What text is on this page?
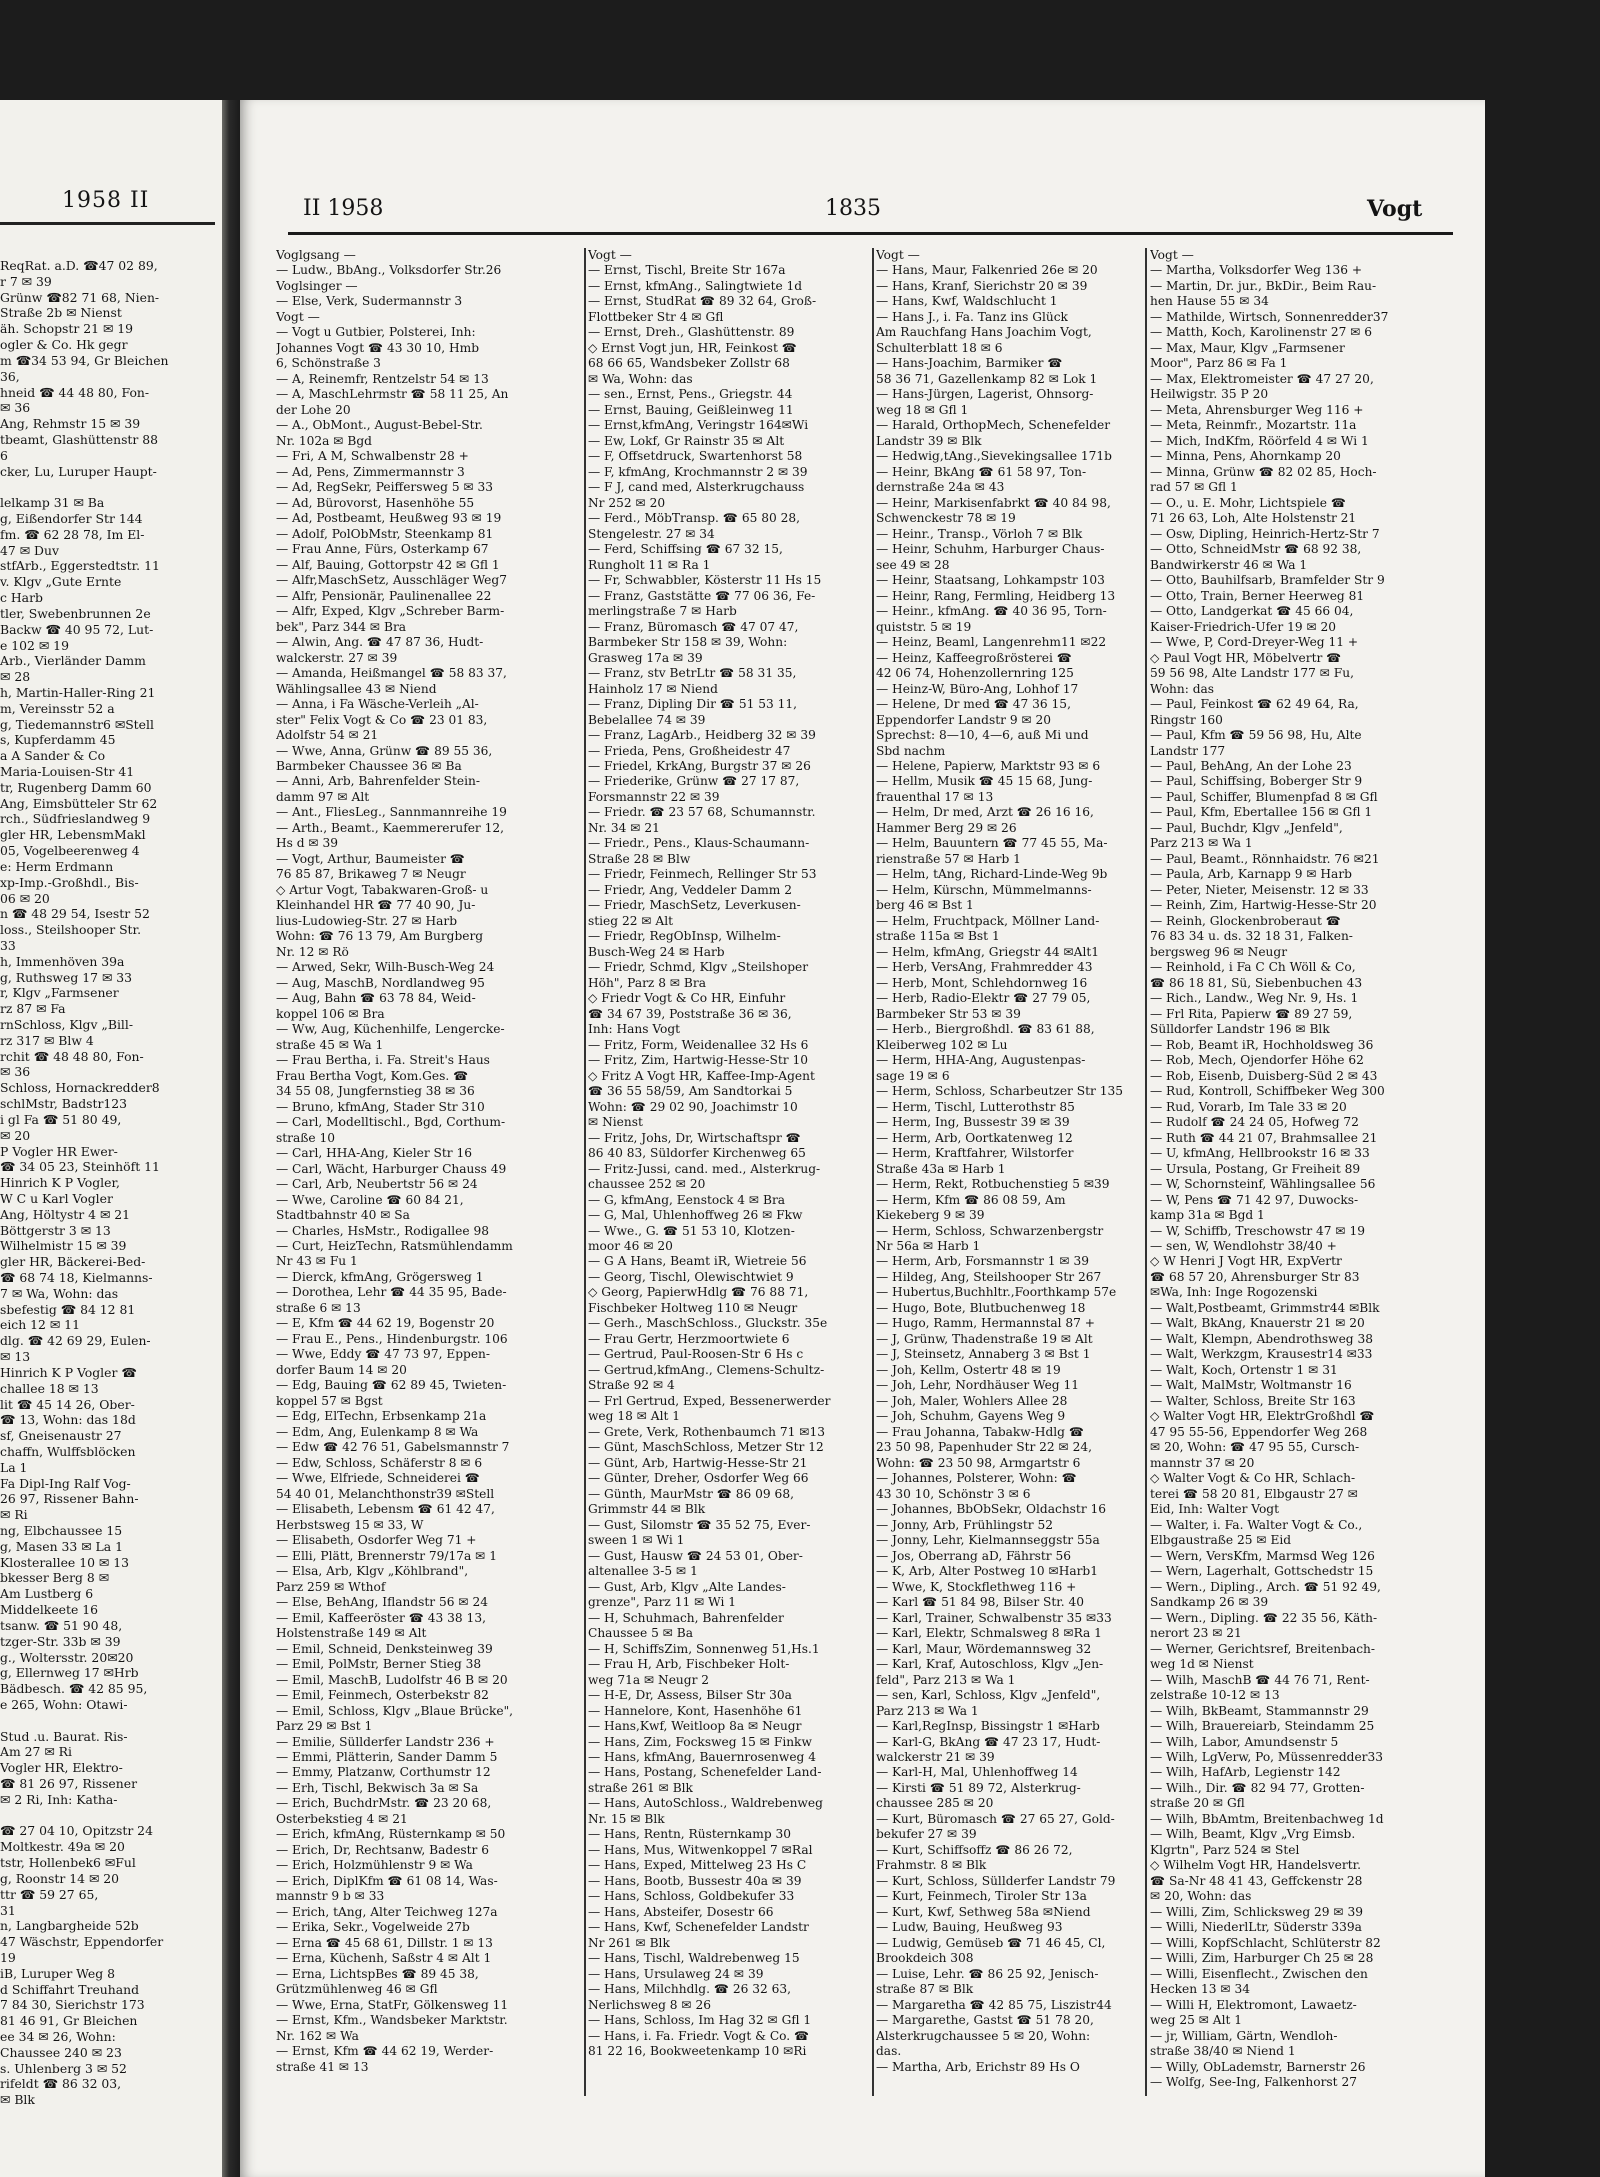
1958 II
ReqRat. a.D. ☎47 02 89,
r 7 ✉ 39
Grünw ☎82 71 68, Nien-
Straße 2b ✉ Nienst
äh. Schopstr 21 ✉ 19
ogler & Co. Hk gegr
m ☎34 53 94, Gr Bleichen
36,
hneid ☎ 44 48 80, Fon-
✉ 36
Ang, Rehmstr 15 ✉ 39
tbeamt, Glashüttenstr 88
6
cker, Lu, Luruper Haupt-

lelkamp 31 ✉ Ba
g, Eißendorfer Str 144
fm. ☎ 62 28 78, Im El-
47 ✉ Duv
stfArb., Eggerstedtstr. 11
v. Klgv „Gute Ernte
c Harb
tler, Swebenbrunnen 2e
Backw ☎ 40 95 72, Lut-
e 102 ✉ 19
Arb., Vierländer Damm
✉ 28
h, Martin-Haller-Ring 21
m, Vereinsstr 52 a
g, Tiedemannstr6 ✉Stell
s, Kupferdamm 45
a A Sander & Co
Maria-Louisen-Str 41
tr, Rugenberg Damm 60
Ang, Eimsbütteler Str 62
rch., Südfrieslandweg 9
gler HR, LebensmMakl
05, Vogelbeerenweg 4
e: Herm Erdmann
xp-Imp.-Großhdl., Bis-
06 ✉ 20
n ☎ 48 29 54, Isestr 52
loss., Steilshooper Str.
33
h, Immenhöven 39a
g, Ruthsweg 17 ✉ 33
r, Klgv „Farmsener
rz 87 ✉ Fa
rnSchloss, Klgv „Bill-
rz 317 ✉ Blw 4
rchit ☎ 48 48 80, Fon-
✉ 36
Schloss, Hornackredder8
schlMstr, Badstr123
i gl Fa ☎ 51 80 49,
✉ 20
P Vogler HR Ewer-
☎ 34 05 23, Steinhöft 11
Hinrich K P Vogler,
W C u Karl Vogler
Ang, Höltystr 4 ✉ 21
Böttgerstr 3 ✉ 13
Wilhelmistr 15 ✉ 39
gler HR, Bäckerei-Bed-
☎ 68 74 18, Kielmanns-
7 ✉ Wa, Wohn: das
sbefestig ☎ 84 12 81
eich 12 ✉ 11
dlg. ☎ 42 69 29, Eulen-
✉ 13
Hinrich K P Vogler ☎
challee 18 ✉ 13
lit ☎ 45 14 26, Ober-
☎ 13, Wohn: das 18d
sf, Gneisenaustr 27
chaffn, Wulffsblöcken
La 1
Fa Dipl-Ing Ralf Vog-
26 97, Rissener Bahn-
✉ Ri
ng, Elbchaussee 15
g, Masen 33 ✉ La 1
Klosterallee 10 ✉ 13
bkesser Berg 8 ✉
Am Lustberg 6
Middelkeete 16
tsanw. ☎ 51 90 48,
tzger-Str. 33b ✉ 39
g., Woltersstr. 20✉20
g, Ellernweg 17 ✉Hrb
Bädbesch. ☎ 42 85 95,
e 265, Wohn: Otawi-

Stud .u. Baurat. Ris-
Am 27 ✉ Ri
Vogler HR, Elektro-
☎ 81 26 97, Rissener
✉ 2 Ri, Inh: Katha-

☎ 27 04 10, Opitzstr 24
Moltkestr. 49a ✉ 20
tstr, Hollenbek6 ✉Ful
g, Roonstr 14 ✉ 20
ttr ☎ 59 27 65,
31
n, Langbargheide 52b
47 Wäschstr, Eppendorfer
19
iB, Luruper Weg 8
d Schiffahrt Treuhand
7 84 30, Sierichstr 173
81 46 91, Gr Bleichen
ee 34 ✉ 26, Wohn:
Chaussee 240 ✉ 23
s. Uhlenberg 3 ✉ 52
rifeldt ☎ 86 32 03,
✉ Blk
II 1958	1835	Vogt
Voglgsang —
— Ludw., BbAng., Volksdorfer Str.26
Voglsinger —
— Else, Verk, Sudermannstr 3
Vogt —
— Vogt u Gutbier, Polsterei, Inh:
Johannes Vogt ☎ 43 30 10, Hmb
6, Schönstraße 3
— A, Reinemfr, Rentzelstr 54 ✉ 13
— A, MaschLehrmstr ☎ 58 11 25, An
der Lohe 20
— A., ObMont., August-Bebel-Str.
Nr. 102a ✉ Bgd
— Fri, A M, Schwalbenstr 28 +
— Ad, Pens, Zimmermannstr 3
— Ad, RegSekr, Peiffersweg 5 ✉ 33
— Ad, Bürovorst, Hasenhöhe 55
— Ad, Postbeamt, Heußweg 93 ✉ 19
— Adolf, PolObMstr, Steenkamp 81
— Frau Anne, Fürs, Osterkamp 67
— Alf, Bauing, Gottorpstr 42 ✉ Gfl 1
— Alfr,MaschSetz, Ausschläger Weg7
— Alfr, Pensionär, Paulinenallee 22
— Alfr, Exped, Klgv „Schreber Barm-
bek", Parz 344 ✉ Bra
— Alwin, Ang. ☎ 47 87 36, Hudt-
walckerstr. 27 ✉ 39
— Amanda, Heißmangel ☎ 58 83 37,
Wählingsallee 43 ✉ Niend
— Anna, i Fa Wäsche-Verleih „Al-
ster" Felix Vogt & Co ☎ 23 01 83,
Adolfstr 54 ✉ 21
— Wwe, Anna, Grünw ☎ 89 55 36,
Barmbeker Chaussee 36 ✉ Ba
— Anni, Arb, Bahrenfelder Stein-
damm 97 ✉ Alt
— Ant., FliesLeg., Sannmannreihe 19
— Arth., Beamt., Kaemmererufer 12,
Hs d ✉ 39
— Vogt, Arthur, Baumeister ☎
76 85 87, Brikaweg 7 ✉ Neugr
◇ Artur Vogt, Tabakwaren-Groß- u
Kleinhandel HR ☎ 77 40 90, Ju-
lius-Ludowieg-Str. 27 ✉ Harb
Wohn: ☎ 76 13 79, Am Burgberg
Nr. 12 ✉ Rö
— Arwed, Sekr, Wilh-Busch-Weg 24
— Aug, MaschB, Nordlandweg 95
— Aug, Bahn ☎ 63 78 84, Weid-
koppel 106 ✉ Bra
— Ww, Aug, Küchenhilfe, Lengercke-
straße 45 ✉ Wa 1
— Frau Bertha, i. Fa. Streit's Haus
Frau Bertha Vogt, Kom.Ges. ☎
34 55 08, Jungfernstieg 38 ✉ 36
— Bruno, kfmAng, Stader Str 310
— Carl, Modelltischl., Bgd, Corthum-
straße 10
— Carl, HHA-Ang, Kieler Str 16
— Carl, Wächt, Harburger Chauss 49
— Carl, Arb, Neubertstr 56 ✉ 24
— Wwe, Caroline ☎ 60 84 21,
Stadtbahnstr 40 ✉ Sa
— Charles, HsMstr., Rodigallee 98
— Curt, HeizTechn, Ratsmühlendamm
Nr 43 ✉ Fu 1
— Dierck, kfmAng, Grögersweg 1
— Dorothea, Lehr ☎ 44 35 95, Bade-
straße 6 ✉ 13
— E, Kfm ☎ 44 62 19, Bogenstr 20
— Frau E., Pens., Hindenburgstr. 106
— Wwe, Eddy ☎ 47 73 97, Eppen-
dorfer Baum 14 ✉ 20
— Edg, Bauing ☎ 62 89 45, Twieten-
koppel 57 ✉ Bgst
— Edg, ElTechn, Erbsenkamp 21a
— Edm, Ang, Eulenkamp 8 ✉ Wa
— Edw ☎ 42 76 51, Gabelsmannstr 7
— Edw, Schloss, Schäferstr 8 ✉ 6
— Wwe, Elfriede, Schneiderei ☎
54 40 01, Melanchthonstr39 ✉Stell
— Elisabeth, Lebensm ☎ 61 42 47,
Herbstsweg 15 ✉ 33, W
— Elisabeth, Osdorfer Weg 71 +
— Elli, Plätt, Brennerstr 79/17a ✉ 1
— Elsa, Arb, Klgv „Köhlbrand",
Parz 259 ✉ Wthof
— Else, BehAng, Iflandstr 56 ✉ 24
— Emil, Kaffeeröster ☎ 43 38 13,
Holstenstraße 149 ✉ Alt
— Emil, Schneid, Denksteinweg 39
— Emil, PolMstr, Berner Stieg 38
— Emil, MaschB, Ludolfstr 46 B ✉ 20
— Emil, Feinmech, Osterbekstr 82
— Emil, Schloss, Klgv „Blaue Brücke",
Parz 29 ✉ Bst 1
— Emilie, Süllderfer Landstr 236 +
— Emmi, Plätterin, Sander Damm 5
— Emmy, Platzanw, Corthumstr 12
— Erh, Tischl, Bekwisch 3a ✉ Sa
— Erich, BuchdrMstr. ☎ 23 20 68,
Osterbekstieg 4 ✉ 21
— Erich, kfmAng, Rüsternkamp ✉ 50
— Erich, Dr, Rechtsanw, Badestr 6
— Erich, Holzmühlenstr 9 ✉ Wa
— Erich, DiplKfm ☎ 61 08 14, Was-
mannstr 9 b ✉ 33
— Erich, tAng, Alter Teichweg 127a
— Erika, Sekr., Vogelweide 27b
— Erna ☎ 45 68 61, Dillstr. 1 ✉ 13
— Erna, Küchenh, Saßstr 4 ✉ Alt 1
— Erna, LichtspBes ☎ 89 45 38,
Grützmühlenweg 46 ✉ Gfl
— Wwe, Erna, StatFr, Gölkensweg 11
— Ernst, Kfm., Wandsbeker Marktstr.
Nr. 162 ✉ Wa
— Ernst, Kfm ☎ 44 62 19, Werder-
straße 41 ✉ 13
Vogt —
— Ernst, Tischl, Breite Str 167a
— Ernst, kfmAng., Salingtwiete 1d
— Ernst, StudRat ☎ 89 32 64, Groß-
Flottbeker Str 4 ✉ Gfl
— Ernst, Dreh., Glashüttenstr. 89
◇ Ernst Vogt jun, HR, Feinkost ☎
68 66 65, Wandsbeker Zollstr 68
✉ Wa, Wohn: das
— sen., Ernst, Pens., Griegstr. 44
— Ernst, Bauing, Geißleinweg 11
— Ernst,kfmAng, Veringstr 164✉Wi
— Ew, Lokf, Gr Rainstr 35 ✉ Alt
— F, Offsetdruck, Swartenhorst 58
— F, kfmAng, Krochmannstr 2 ✉ 39
— F J, cand med, Alsterkrugchauss
Nr 252 ✉ 20
— Ferd., MöbTransp. ☎ 65 80 28,
Stengelestr. 27 ✉ 34
— Ferd, Schiffsing ☎ 67 32 15,
Rungholt 11 ✉ Ra 1
— Fr, Schwabbler, Kösterstr 11 Hs 15
— Franz, Gaststätte ☎ 77 06 36, Fe-
merlingstraße 7 ✉ Harb
— Franz, Büromasch ☎ 47 07 47,
Barmbeker Str 158 ✉ 39, Wohn:
Grasweg 17a ✉ 39
— Franz, stv BetrLtr ☎ 58 31 35,
Hainholz 17 ✉ Niend
— Franz, Dipling Dir ☎ 51 53 11,
Bebelallee 74 ✉ 39
— Franz, LagArb., Heidberg 32 ✉ 39
— Frieda, Pens, Großheidestr 47
— Friedel, KrkAng, Burgstr 37 ✉ 26
— Friederike, Grünw ☎ 27 17 87,
Forsmannstr 22 ✉ 39
— Friedr. ☎ 23 57 68, Schumannstr.
Nr. 34 ✉ 21
— Friedr., Pens., Klaus-Schaumann-
Straße 28 ✉ Blw
— Friedr, Feinmech, Rellinger Str 53
— Friedr, Ang, Veddeler Damm 2
— Friedr, MaschSetz, Leverkusen-
stieg 22 ✉ Alt
— Friedr, RegObInsp, Wilhelm-
Busch-Weg 24 ✉ Harb
— Friedr, Schmd, Klgv „Steilshoper
Höh", Parz 8 ✉ Bra
◇ Friedr Vogt & Co HR, Einfuhr
☎ 34 67 39, Poststraße 36 ✉ 36,
Inh: Hans Vogt
— Fritz, Form, Weidenallee 32 Hs 6
— Fritz, Zim, Hartwig-Hesse-Str 10
◇ Fritz A Vogt HR, Kaffee-Imp-Agent
☎ 36 55 58/59, Am Sandtorkai 5
Wohn: ☎ 29 02 90, Joachimstr 10
✉ Nienst
— Fritz, Johs, Dr, Wirtschaftspr ☎
86 40 83, Süldorfer Kirchenweg 65
— Fritz-Jussi, cand. med., Alsterkrug-
chaussee 252 ✉ 20
— G, kfmAng, Eenstock 4 ✉ Bra
— G, Mal, Uhlenhoffweg 26 ✉ Fkw
— Wwe., G. ☎ 51 53 10, Klotzen-
moor 46 ✉ 20
— G A Hans, Beamt iR, Wietreie 56
— Georg, Tischl, Olewischtwiet 9
◇ Georg, PapierwHdlg ☎ 76 88 71,
Fischbeker Holtweg 110 ✉ Neugr
— Gerh., MaschSchloss., Gluckstr. 35e
— Frau Gertr, Herzmoortwiete 6
— Gertrud, Paul-Roosen-Str 6 Hs c
— Gertrud,kfmAng., Clemens-Schultz-
Straße 92 ✉ 4
— Frl Gertrud, Exped, Bessenerwerder
weg 18 ✉ Alt 1
— Grete, Verk, Rothenbaumch 71 ✉13
— Günt, MaschSchloss, Metzer Str 12
— Günt, Arb, Hartwig-Hesse-Str 21
— Günter, Dreher, Osdorfer Weg 66
— Günth, MaurMstr ☎ 86 09 68,
Grimmstr 44 ✉ Blk
— Gust, Silomstr ☎ 35 52 75, Ever-
sween 1 ✉ Wi 1
— Gust, Hausw ☎ 24 53 01, Ober-
altenallee 3-5 ✉ 1
— Gust, Arb, Klgv „Alte Landes-
grenze", Parz 11 ✉ Wi 1
— H, Schuhmach, Bahrenfelder
Chaussee 5 ✉ Ba
— H, SchiffsZim, Sonnenweg 51,Hs.1
— Frau H, Arb, Fischbeker Holt-
weg 71a ✉ Neugr 2
— H-E, Dr, Assess, Bilser Str 30a
— Hannelore, Kont, Hasenhöhe 61
— Hans,Kwf, Weitloop 8a ✉ Neugr
— Hans, Zim, Focksweg 15 ✉ Finkw
— Hans, kfmAng, Bauernrosenweg 4
— Hans, Postang, Schenefelder Land-
straße 261 ✉ Blk
— Hans, AutoSchloss., Waldrebenweg
Nr. 15 ✉ Blk
— Hans, Rentn, Rüsternkamp 30
— Hans, Mus, Witwenkoppel 7 ✉Ral
— Hans, Exped, Mittelweg 23 Hs C
— Hans, Bootb, Bussestr 40a ✉ 39
— Hans, Schloss, Goldbekufer 33
— Hans, Absteifer, Dosestr 66
— Hans, Kwf, Schenefelder Landstr
Nr 261 ✉ Blk
— Hans, Tischl, Waldrebenweg 15
— Hans, Ursulaweg 24 ✉ 39
— Hans, Milchhdlg. ☎ 26 32 63,
Nerlichsweg 8 ✉ 26
— Hans, Schloss, Im Hag 32 ✉ Gfl 1
— Hans, i. Fa. Friedr. Vogt & Co. ☎
81 22 16, Bookweetenkamp 10 ✉Ri
Vogt —
— Hans, Maur, Falkenried 26e ✉ 20
— Hans, Kranf, Sierichstr 20 ✉ 39
— Hans, Kwf, Waldschlucht 1
— Hans J., i. Fa. Tanz ins Glück
Am Rauchfang Hans Joachim Vogt,
Schulterblatt 18 ✉ 6
— Hans-Joachim, Barmiker ☎
58 36 71, Gazellenkamp 82 ✉ Lok 1
— Hans-Jürgen, Lagerist, Ohnsorg-
weg 18 ✉ Gfl 1
— Harald, OrthopMech, Schenefelder
Landstr 39 ✉ Blk
— Hedwig,tAng.,Sievekingsallee 171b
— Heinr, BkAng ☎ 61 58 97, Ton-
dernstraße 24a ✉ 43
— Heinr, Markisenfabrkt ☎ 40 84 98,
Schwenckestr 78 ✉ 19
— Heinr., Transp., Vörloh 7 ✉ Blk
— Heinr, Schuhm, Harburger Chaus-
see 49 ✉ 28
— Heinr, Staatsang, Lohkampstr 103
— Heinr, Rang, Fermling, Heidberg 13
— Heinr., kfmAng. ☎ 40 36 95, Torn-
quiststr. 5 ✉ 19
— Heinz, Beaml, Langenrehm11 ✉22
— Heinz, Kaffeegroßrösterei ☎
42 06 74, Hohenzollernring 125
— Heinz-W, Büro-Ang, Lohhof 17
— Helene, Dr med ☎ 47 36 15,
Eppendorfer Landstr 9 ✉ 20
Sprechst: 8—10, 4—6, auß Mi und
Sbd nachm
— Helene, Papierw, Marktstr 93 ✉ 6
— Hellm, Musik ☎ 45 15 68, Jung-
frauenthal 17 ✉ 13
— Helm, Dr med, Arzt ☎ 26 16 16,
Hammer Berg 29 ✉ 26
— Helm, Bauuntern ☎ 77 45 55, Ma-
rienstraße 57 ✉ Harb 1
— Helm, tAng, Richard-Linde-Weg 9b
— Helm, Kürschn, Mümmelmanns-
berg 46 ✉ Bst 1
— Helm, Fruchtpack, Möllner Land-
straße 115a ✉ Bst 1
— Helm, kfmAng, Griegstr 44 ✉Alt1
— Herb, VersAng, Frahmredder 43
— Herb, Mont, Schlehdornweg 16
— Herb, Radio-Elektr ☎ 27 79 05,
Barmbeker Str 53 ✉ 39
— Herb., Biergroßhdl. ☎ 83 61 88,
Kleiberweg 102 ✉ Lu
— Herm, HHA-Ang, Augustenpas-
sage 19 ✉ 6
— Herm, Schloss, Scharbeutzer Str 135
— Herm, Tischl, Lutterothstr 85
— Herm, Ing, Bussestr 39 ✉ 39
— Herm, Arb, Oortkatenweg 12
— Herm, Kraftfahrer, Wilstorfer
Straße 43a ✉ Harb 1
— Herm, Rekt, Rotbuchenstieg 5 ✉39
— Herm, Kfm ☎ 86 08 59, Am
Kiekeberg 9 ✉ 39
— Herm, Schloss, Schwarzenbergstr
Nr 56a ✉ Harb 1
— Herm, Arb, Forsmannstr 1 ✉ 39
— Hildeg, Ang, Steilshooper Str 267
— Hubertus,Buchhltr.,Foorthkamp 57e
— Hugo, Bote, Blutbuchenweg 18
— Hugo, Ramm, Hermannstal 87 +
— J, Grünw, Thadenstraße 19 ✉ Alt
— J, Steinsetz, Annaberg 3 ✉ Bst 1
— Joh, Kellm, Ostertr 48 ✉ 19
— Joh, Lehr, Nordhäuser Weg 11
— Joh, Maler, Wohlers Allee 28
— Joh, Schuhm, Gayens Weg 9
— Frau Johanna, Tabakw-Hdlg ☎
23 50 98, Papenhuder Str 22 ✉ 24,
Wohn: ☎ 23 50 98, Armgartstr 6
— Johannes, Polsterer, Wohn: ☎
43 30 10, Schönstr 3 ✉ 6
— Johannes, BbObSekr, Oldachstr 16
— Jonny, Arb, Frühlingstr 52
— Jonny, Lehr, Kielmannseggstr 55a
— Jos, Oberrang aD, Fährstr 56
— K, Arb, Alter Postweg 10 ✉Harb1
— Wwe, K, Stockflethweg 116 +
— Karl ☎ 51 84 98, Bilser Str. 40
— Karl, Trainer, Schwalbenstr 35 ✉33
— Karl, Elektr, Schmalsweg 8 ✉Ra 1
— Karl, Maur, Wördemannsweg 32
— Karl, Kraf, Autoschloss, Klgv „Jen-
feld", Parz 213 ✉ Wa 1
— sen, Karl, Schloss, Klgv „Jenfeld",
Parz 213 ✉ Wa 1
— Karl,RegInsp, Bissingstr 1 ✉Harb
— Karl-G, BkAng ☎ 47 23 17, Hudt-
walckerstr 21 ✉ 39
— Karl-H, Mal, Uhlenhoffweg 14
— Kirsti ☎ 51 89 72, Alsterkrug-
chaussee 285 ✉ 20
— Kurt, Büromasch ☎ 27 65 27, Gold-
bekufer 27 ✉ 39
— Kurt, Schiffsoffz ☎ 86 26 72,
Frahmstr. 8 ✉ Blk
— Kurt, Schloss, Süllderfer Landstr 79
— Kurt, Feinmech, Tiroler Str 13a
— Kurt, Kwf, Sethweg 58a ✉Niend
— Ludw, Bauing, Heußweg 93
— Ludwig, Gemüseb ☎ 71 46 45, Cl,
Brookdeich 308
— Luise, Lehr. ☎ 86 25 92, Jenisch-
straße 87 ✉ Blk
— Margaretha ☎ 42 85 75, Liszistr44
— Margarethe, Gastst ☎ 51 78 20,
Alsterkrugchaussee 5 ✉ 20, Wohn:
das.
— Martha, Arb, Erichstr 89 Hs O
Vogt —
— Martha, Volksdorfer Weg 136 +
— Martin, Dr. jur., BkDir., Beim Rau-
hen Hause 55 ✉ 34
— Mathilde, Wirtsch, Sonnenredder37
— Matth, Koch, Karolinenstr 27 ✉ 6
— Max, Maur, Klgv „Farmsener
Moor", Parz 86 ✉ Fa 1
— Max, Elektromeister ☎ 47 27 20,
Heilwigstr. 35 P 20
— Meta, Ahrensburger Weg 116 +
— Meta, Reinmfr., Mozartstr. 11a
— Mich, IndKfm, Röörfeld 4 ✉ Wi 1
— Minna, Pens, Ahornkamp 20
— Minna, Grünw ☎ 82 02 85, Hoch-
rad 57 ✉ Gfl 1
— O., u. E. Mohr, Lichtspiele ☎
71 26 63, Loh, Alte Holstenstr 21
— Osw, Dipling, Heinrich-Hertz-Str 7
— Otto, SchneidMstr ☎ 68 92 38,
Bandwirkerstr 46 ✉ Wa 1
— Otto, Bauhilfsarb, Bramfelder Str 9
— Otto, Train, Berner Heerweg 81
— Otto, Landgerkat ☎ 45 66 04,
Kaiser-Friedrich-Ufer 19 ✉ 20
— Wwe, P, Cord-Dreyer-Weg 11 +
◇ Paul Vogt HR, Möbelvertr ☎
59 56 98, Alte Landstr 177 ✉ Fu,
Wohn: das
— Paul, Feinkost ☎ 62 49 64, Ra,
Ringstr 160
— Paul, Kfm ☎ 59 56 98, Hu, Alte
Landstr 177
— Paul, BehAng, An der Lohe 23
— Paul, Schiffsing, Boberger Str 9
— Paul, Schiffer, Blumenpfad 8 ✉ Gfl
— Paul, Kfm, Ebertallee 156 ✉ Gfl 1
— Paul, Buchdr, Klgv „Jenfeld",
Parz 213 ✉ Wa 1
— Paul, Beamt., Rönnhaidstr. 76 ✉21
— Paula, Arb, Karnapp 9 ✉ Harb
— Peter, Nieter, Meisenstr. 12 ✉ 33
— Reinh, Zim, Hartwig-Hesse-Str 20
— Reinh, Glockenbroberaut ☎
76 83 34 u. ds. 32 18 31, Falken-
bergsweg 96 ✉ Neugr
— Reinhold, i Fa C Ch Wöll & Co,
☎ 86 18 81, Sü, Siebenbuchen 43
— Rich., Landw., Weg Nr. 9, Hs. 1
— Frl Rita, Papierw ☎ 89 27 59,
Sülldorfer Landstr 196 ✉ Blk
— Rob, Beamt iR, Hochholdsweg 36
— Rob, Mech, Ojendorfer Höhe 62
— Rob, Eisenb, Duisberg-Süd 2 ✉ 43
— Rud, Kontroll, Schiffbeker Weg 300
— Rud, Vorarb, Im Tale 33 ✉ 20
— Rudolf ☎ 24 24 05, Hofweg 72
— Ruth ☎ 44 21 07, Brahmsallee 21
— U, kfmAng, Hellbrookstr 16 ✉ 33
— Ursula, Postang, Gr Freiheit 89
— W, Schornsteinf, Wählingsallee 56
— W, Pens ☎ 71 42 97, Duwocks-
kamp 31a ✉ Bgd 1
— W, Schiffb, Treschowstr 47 ✉ 19
— sen, W, Wendlohstr 38/40 +
◇ W Henri J Vogt HR, ExpVertr
☎ 68 57 20, Ahrensburger Str 83
✉Wa, Inh: Inge Rogozenski
— Walt,Postbeamt, Grimmstr44 ✉Blk
— Walt, BkAng, Knauerstr 21 ✉ 20
— Walt, Klempn, Abendrothsweg 38
— Walt, Werkzgm, Krausestr14 ✉33
— Walt, Koch, Ortenstr 1 ✉ 31
— Walt, MalMstr, Woltmanstr 16
— Walter, Schloss, Breite Str 163
◇ Walter Vogt HR, ElektrGroßhdl ☎
47 95 55-56, Eppendorfer Weg 268
✉ 20, Wohn: ☎ 47 95 55, Cursch-
mannstr 37 ✉ 20
◇ Walter Vogt & Co HR, Schlach-
terei ☎ 58 20 81, Elbgaustr 27 ✉
Eid, Inh: Walter Vogt
— Walter, i. Fa. Walter Vogt & Co.,
Elbgaustraße 25 ✉ Eid
— Wern, VersKfm, Marmsd Weg 126
— Wern, Lagerhalt, Gottschedstr 15
— Wern., Dipling., Arch. ☎ 51 92 49,
Sandkamp 26 ✉ 39
— Wern., Dipling. ☎ 22 35 56, Käth-
nerort 23 ✉ 21
— Werner, Gerichtsref, Breitenbach-
weg 1d ✉ Nienst
— Wilh, MaschB ☎ 44 76 71, Rent-
zelstraße 10-12 ✉ 13
— Wilh, BkBeamt, Stammannstr 29
— Wilh, Brauereiarb, Steindamm 25
— Wilh, Labor, Amundsenstr 5
— Wilh, LgVerw, Po, Müssenredder33
— Wilh, HafArb, Legienstr 142
— Wilh., Dir. ☎ 82 94 77, Grotten-
straße 20 ✉ Gfl
— Wilh, BbAmtm, Breitenbachweg 1d
— Wilh, Beamt, Klgv „Vrg Eimsb.
Klgrtn", Parz 524 ✉ Stel
◇ Wilhelm Vogt HR, Handelsvertr.
☎ Sa-Nr 48 41 43, Geffckenstr 28
✉ 20, Wohn: das
— Willi, Zim, Schlicksweg 29 ✉ 39
— Willi, NiederlLtr, Süderstr 339a
— Willi, KopfSchlacht, Schlüterstr 82
— Willi, Zim, Harburger Ch 25 ✉ 28
— Willi, Eisenflecht., Zwischen den
Hecken 13 ✉ 34
— Willi H, Elektromont, Lawaetz-
weg 25 ✉ Alt 1
— jr, William, Gärtn, Wendloh-
straße 38/40 ✉ Niend 1
— Willy, ObLademstr, Barnerstr 26
— Wolfg, See-Ing, Falkenhorst 27
